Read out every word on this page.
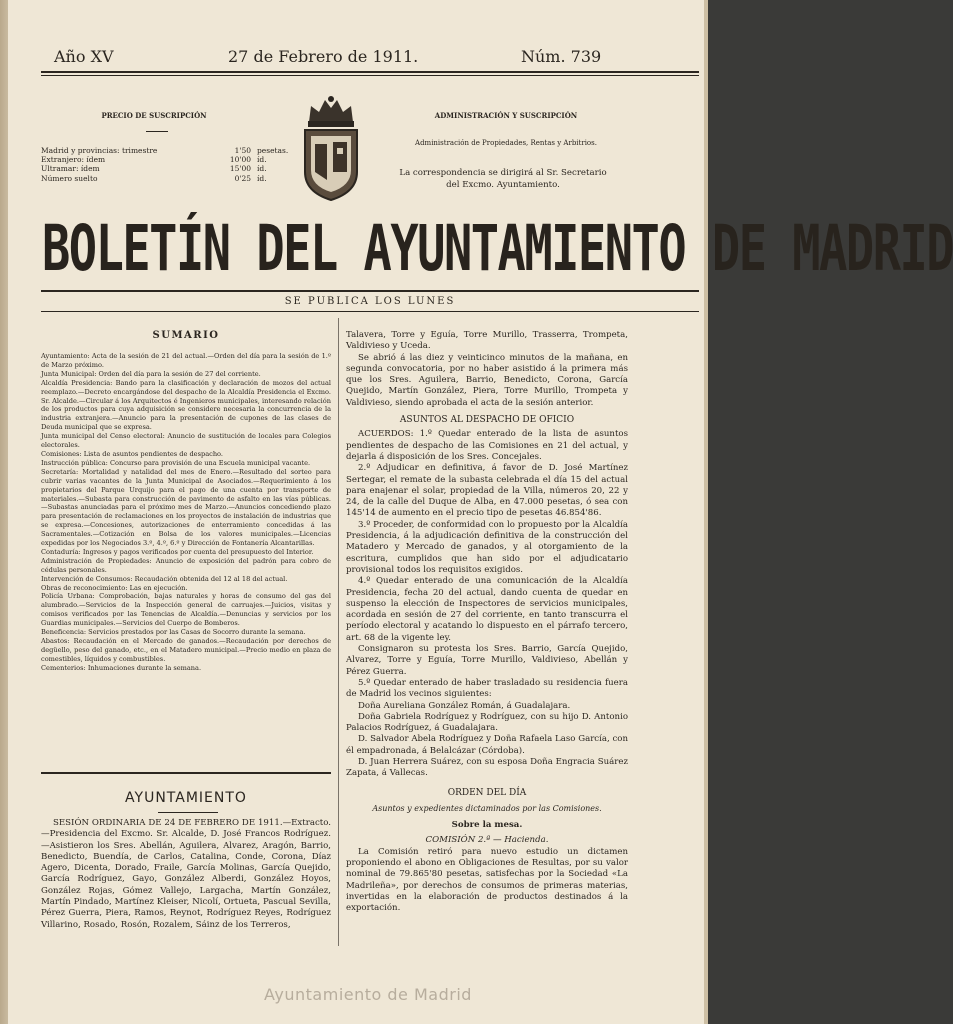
Año XV	27 de Febrero de 1911.	Núm. 739
PRECIO DE SUSCRIPCIÓN
Madrid y provincias: trimestre	1'50 pesetas.
Extranjero: ídem	10'00 íd.
Ultramar: ídem	15'00 íd.
Número suelto	0'25 íd.
ADMINISTRACIÓN Y SUSCRIPCIÓN
Administración de Propiedades, Rentas y Arbitrios.
La correspondencia se dirigirá al Sr. Secretario
del Excmo. Ayuntamiento.
BOLETÍN DEL AYUNTAMIENTO DE MADRID
SE PUBLICA LOS LUNES
SUMARIO

Ayuntamiento: Acta de la sesión de 21 del actual.—Orden del día para la sesión de 1.º de Marzo próximo.

Junta Municipal: Orden del día para la sesión de 27 del corriente.

Alcaldía Presidencia: Bando para la clasificación y declaración de mozos del actual reemplazo.—Decreto encargándose del despacho de la Alcaldía Presidencia el Excmo. Sr. Alcalde.—Circular á los Arquitectos é Ingenieros municipales, interesando relación de los productos para cuya adquisición se considere necesaria la concurrencia de la industria extranjera.—Anuncio para la presentación de cupones de las clases de Deuda municipal que se expresa.

Junta municipal del Censo electoral: Anuncio de sustitución de locales para Colegios electorales.

Comisiones: Lista de asuntos pendientes de despacho.

Instrucción pública: Concurso para provisión de una Escuela municipal vacante.

Secretaría: Mortalidad y natalidad del mes de Enero.—Resultado del sorteo para cubrir varias vacantes de la Junta Municipal de Asociados.—Requerimiento á los propietarios del Parque Urquijo para el pago de una cuenta por transporte de materiales.—Subasta para construcción de pavimento de asfalto en las vías públicas.—Subastas anunciadas para el próximo mes de Marzo.—Anuncios concediendo plazo para presentación de reclamaciones en los proyectos de instalación de industrias que se expresa.—Concesiones, autorizaciones de enterramiento concedidas á las Sacramentales.—Cotización en Bolsa de los valores municipales.—Licencias expedidas por los Negociados 3.º, 4.º, 6.º y Dirección de Fontanería Alcantarillas.

Contaduría: Ingresos y pagos verificados por cuenta del presupuesto del Interior.

Administración de Propiedades: Anuncio de exposición del padrón para cobro de cédulas personales.

Intervención de Consumos: Recaudación obtenida del 12 al 18 del actual.

Obras de reconocimiento: Las en ejecución.

Policía Urbana: Comprobación, bajas naturales y horas de consumo del gas del alumbrado.—Servicios de la Inspección general de carruajes.—Juicios, visitas y comisos verificados por las Tenencias de Alcaldía.—Denuncias y servicios por los Guardias municipales.—Servicios del Cuerpo de Bomberos.

Beneficencia: Servicios prestados por las Casas de Socorro durante la semana.

Abastos: Recaudación en el Mercado de ganados.—Recaudación por derechos de degüello, peso del ganado, etc., en el Matadero municipal.—Precio medio en plaza de comestibles, líquidos y combustibles.

Cementerios: Inhumaciones durante la semana.

AYUNTAMIENTO
SESIÓN ORDINARIA DE 24 DE FEBRERO DE 1911.—Extracto.—Presidencia del Excmo. Sr. Alcalde, D. José Francos Rodríguez.—Asistieron los Sres. Abellán, Aguilera, Alvarez, Aragón, Barrio, Benedicto, Buendía, de Carlos, Catalina, Conde, Corona, Díaz Agero, Dicenta, Dorado, Fraile, García Molinas, García Quejido, García Rodríguez, Gayo, González Alberdi, González Hoyos, González Rojas, Gómez Vallejo, Largacha, Martín González, Martín Pindado, Martínez Kleiser, Nicolí, Ortueta, Pascual Sevilla, Pérez Guerra, Piera, Ramos, Reynot, Rodríguez Reyes, Rodríguez Villarino, Rosado, Rosón, Rozalem, Sáinz de los Terreros,

Talavera, Torre y Eguía, Torre Murillo, Trasserra, Trompeta, Valdivieso y Uceda.

Se abrió á las diez y veinticinco minutos de la mañana, en segunda convocatoria, por no haber asistido á la primera más que los Sres. Aguilera, Barrio, Benedicto, Corona, García Quejido, Martín González, Piera, Torre Murillo, Trompeta y Valdivieso, siendo aprobada el acta de la sesión anterior.

ASUNTOS AL DESPACHO DE OFICIO

ACUERDOS: 1.º Quedar enterado de la lista de asuntos pendientes de despacho de las Comisiones en 21 del actual, y dejarla á disposición de los Sres. Concejales.

2.º Adjudicar en definitiva, á favor de D. José Martínez Sertegar, el remate de la subasta celebrada el día 15 del actual para enajenar el solar, propiedad de la Villa, números 20, 22 y 24, de la calle del Duque de Alba, en 47.000 pesetas, ó sea con 145'14 de aumento en el precio tipo de pesetas 46.854'86.

3.º Proceder, de conformidad con lo propuesto por la Alcaldía Presidencia, á la adjudicación definitiva de la construcción del Matadero y Mercado de ganados, y al otorgamiento de la escritura, cumplidos que han sido por el adjudicatario provisional todos los requisitos exigidos.

4.º Quedar enterado de una comunicación de la Alcaldía Presidencia, fecha 20 del actual, dando cuenta de quedar en suspenso la elección de Inspectores de servicios municipales, acordada en sesión de 27 del corriente, en tanto transcurra el período electoral y acatando lo dispuesto en el párrafo tercero, art. 68 de la vigente ley.

Consignaron su protesta los Sres. Barrio, García Quejido, Alvarez, Torre y Eguía, Torre Murillo, Valdivieso, Abellán y Pérez Guerra.

5.º Quedar enterado de haber trasladado su residencia fuera de Madrid los vecinos siguientes:

Doña Aureliana González Román, á Guadalajara.

Doña Gabriela Rodríguez y Rodríguez, con su hijo D. Antonio Palacios Rodríguez, á Guadalajara.

D. Salvador Abela Rodríguez y Doña Rafaela Laso García, con él empadronada, á Belalcázar (Córdoba).

D. Juan Herrera Suárez, con su esposa Doña Engracia Suárez Zapata, á Vallecas.

ORDEN DEL DÍA

Asuntos y expedientes dictaminados por las Comisiones.

Sobre la mesa.

COMISIÓN 2.ª — Hacienda.

La Comisión retiró para nuevo estudio un dictamen proponiendo el abono en Obligaciones de Resultas, por su valor nominal de 79.865'80 pesetas, satisfechas por la Sociedad «La Madrileña», por derechos de consumos de primeras materias, invertidas en la elaboración de productos destinados á la exportación.

Ayuntamiento de Madrid
